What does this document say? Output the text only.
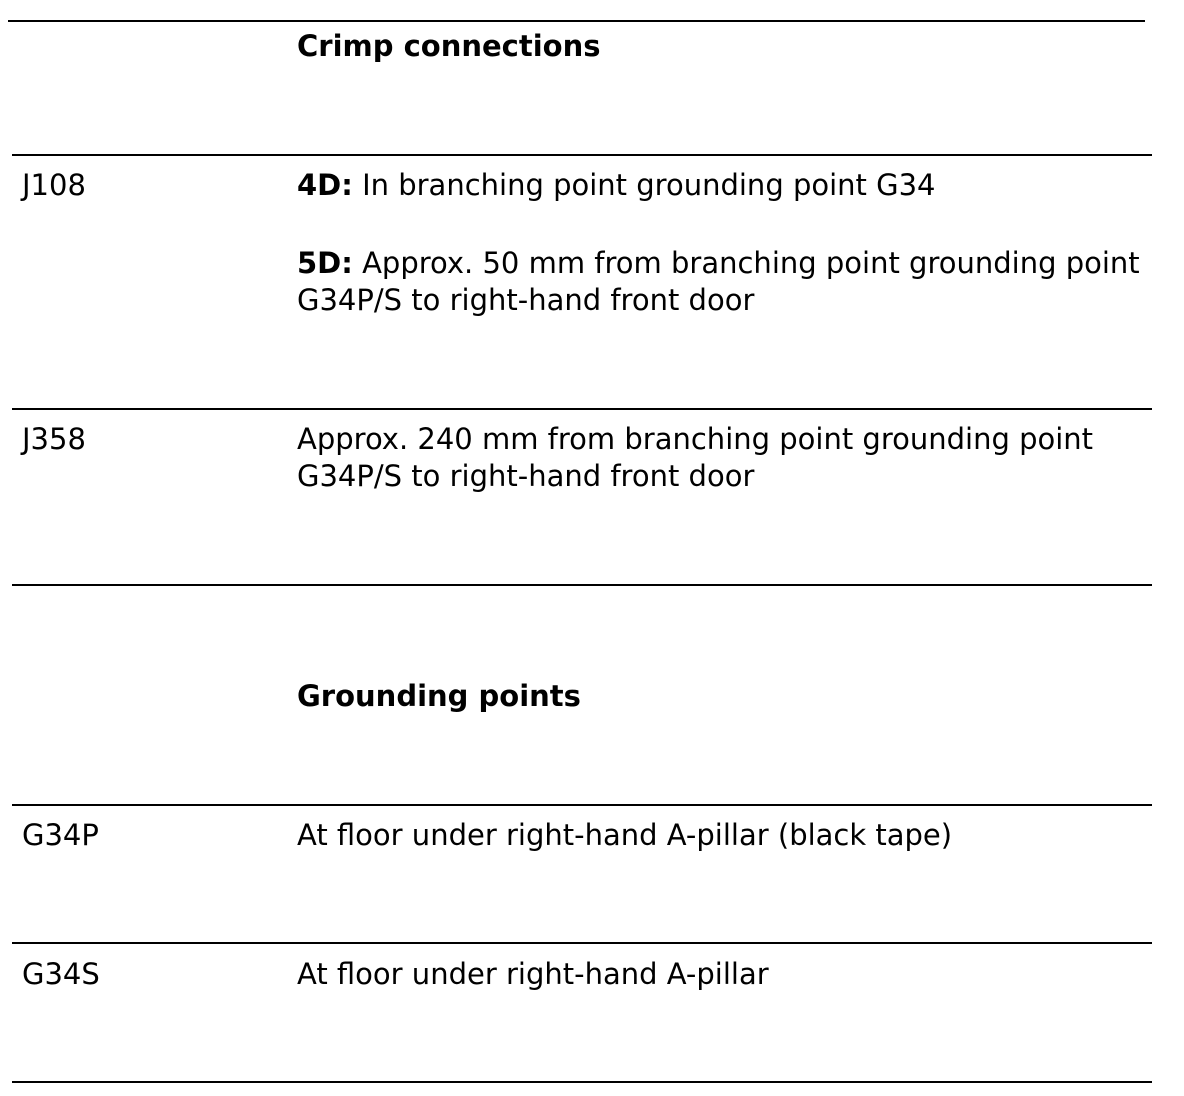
Crimp connections
J108	4D: In branching point grounding point G34

5D: Approx. 50 mm from branching point grounding point G34P/S to right-hand front door

J358	Approx. 240 mm from branching point grounding point G34P/S to right-hand front door

Grounding points
G34P	At floor under right-hand A-pillar (black tape)
G34S	At floor under right-hand A-pillar
